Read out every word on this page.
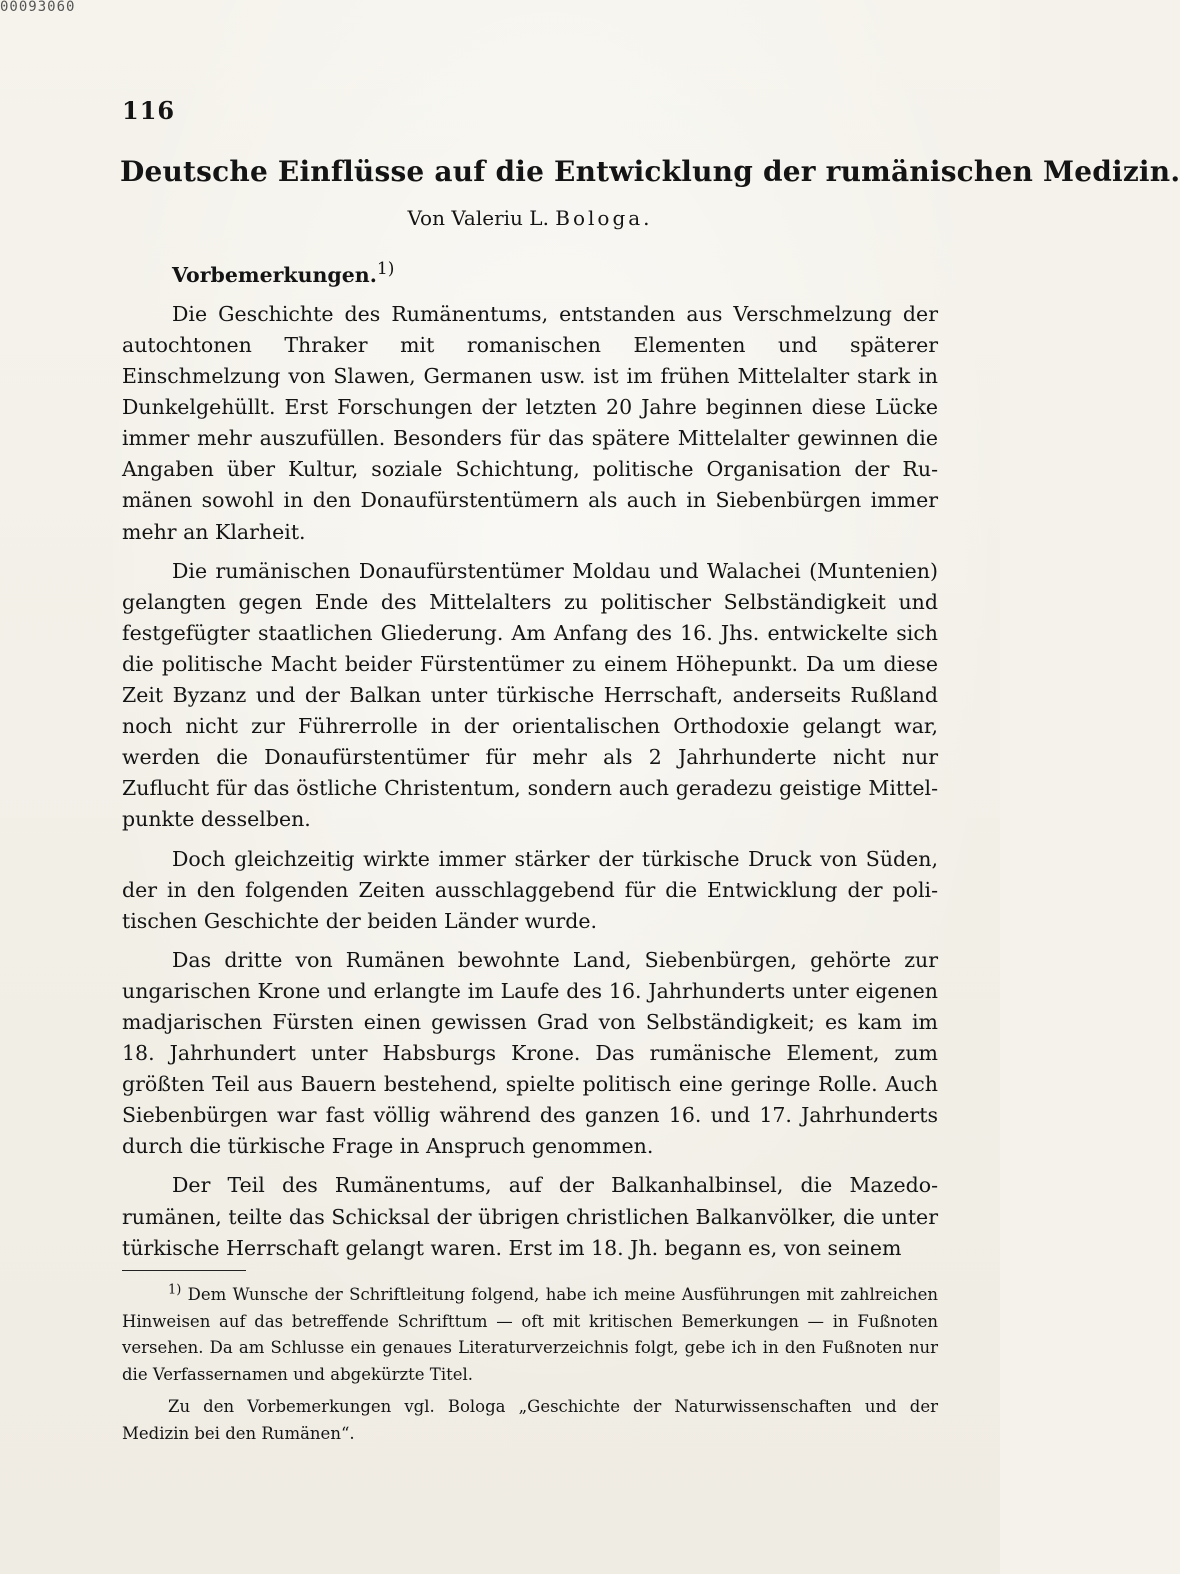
00093060
116
Deutsche Einflüsse auf die Entwicklung der rumänischen Medizin.
Von Valeriu L. Bologa.

Vorbemerkungen.$^{1)}$

Die Geschichte des Rumänentums, entstanden aus Verschmelzung der autochtonen Thraker mit romanischen Elementen und späterer Einschmelzung von Slawen, Germanen usw. ist im frühen Mittelalter stark in Dunkelgehüllt. Erst Forschungen der letzten 20 Jahre beginnen diese Lücke immer mehr auszufüllen. Besonders für das spätere Mittelalter gewinnen die Angaben über Kultur, soziale Schichtung, politische Organisation der Rumänen sowohl in den Donaufürstentümern als auch in Siebenbürgen immer mehr an Klarheit.

Die rumänischen Donaufürstentümer Moldau und Walachei (Muntenien) gelangten gegen Ende des Mittelalters zu politischer Selbständigkeit und festgefügter staatlichen Gliederung. Am Anfang des 16. Jhs. entwickelte sich die politische Macht beider Fürstentümer zu einem Höhepunkt. Da um diese Zeit Byzanz und der Balkan unter türkische Herrschaft, anderseits Rußland noch nicht zur Führerrolle in der orientalischen Orthodoxie gelangt war, werden die Donaufürstentümer für mehr als 2 Jahrhunderte nicht nur Zuflucht für das östliche Christentum, sondern auch geradezu geistige Mittelpunkte desselben.

Doch gleichzeitig wirkte immer stärker der türkische Druck von Süden, der in den folgenden Zeiten ausschlaggebend für die Entwicklung der politischen Geschichte der beiden Länder wurde.

Das dritte von Rumänen bewohnte Land, Siebenbürgen, gehörte zur ungarischen Krone und erlangte im Laufe des 16. Jahrhunderts unter eigenen madjarischen Fürsten einen gewissen Grad von Selbständigkeit; es kam im 18. Jahrhundert unter Habsburgs Krone. Das rumänische Element, zum größten Teil aus Bauern bestehend, spielte politisch eine geringe Rolle. Auch Siebenbürgen war fast völlig während des ganzen 16. und 17. Jahrhunderts durch die türkische Frage in Anspruch genommen.

Der Teil des Rumänentums, auf der Balkanhalbinsel, die Mazedorumänen, teilte das Schicksal der übrigen christlichen Balkanvölker, die unter türkische Herrschaft gelangt waren. Erst im 18. Jh. begann es, von seinem

$^{1)}$ Dem Wunsche der Schriftleitung folgend, habe ich meine Ausführungen mit zahlreichen Hinweisen auf das betreffende Schrifttum — oft mit kritischen Bemerkungen — in Fußnoten versehen. Da am Schlusse ein genaues Literaturverzeichnis folgt, gebe ich in den Fußnoten nur die Verfassernamen und abgekürzte Titel.

Zu den Vorbemerkungen vgl. Bologa „Geschichte der Naturwissenschaften und der Medizin bei den Rumänen“.
